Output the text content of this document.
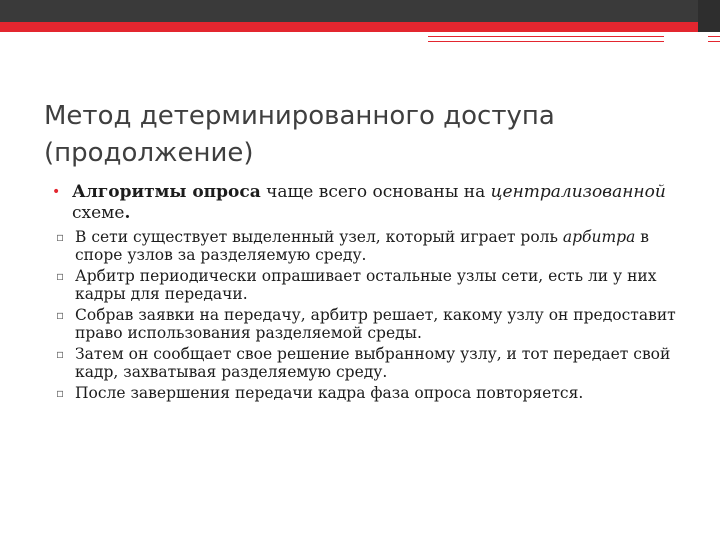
Метод детерминированного доступа (продолжение)
• Алгоритмы опроса чаще всего основаны на централизованной схеме.
▫ В сети существует выделенный узел, который играет роль арбитра в споре узлов за разделяемую среду.
▫ Арбитр периодически опрашивает остальные узлы сети, есть ли у них кадры для передачи.
▫ Собрав заявки на передачу, арбитр решает, какому узлу он предоставит право использования разделяемой среды.
▫ Затем он сообщает свое решение выбранному узлу, и тот передает свой кадр, захватывая разделяемую среду.
▫ После завершения передачи кадра фаза опроса повторяется.
